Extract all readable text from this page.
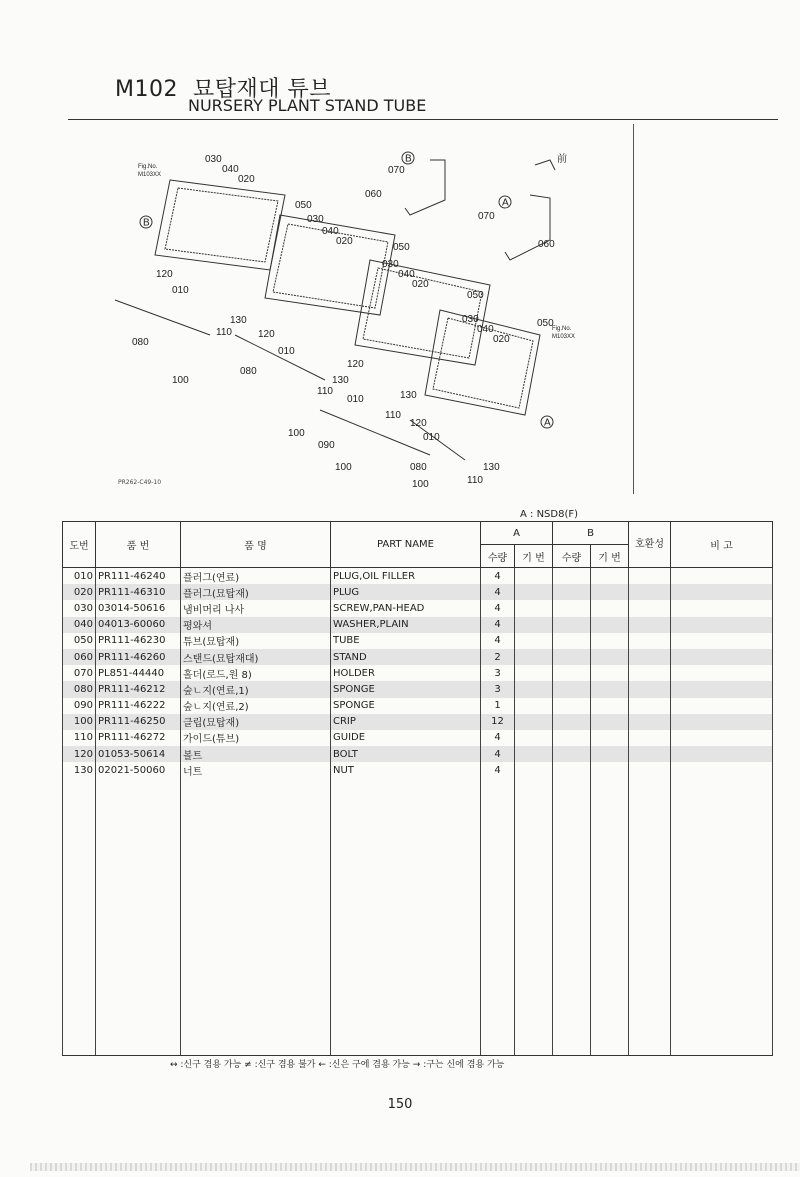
M102 묘탑재대 튜브
NURSERY PLANT STAND TUBE
030
040
020
050
030
040
020
050
030
040
020
050
030
040
020
050
120
010
130
110	120
010
080
100
080
120
130
110
010	130
110
120
010
100
090
100	080
100
130
110
070
060
070
060
B
B
A
A
Fig.No.
M103XX
Fig.No.
M103XX
前
PR262-C49-10
A : NSD8(F)
도번	품 번	품 명	PART NAME	A		B		호환성	비 고
				수량	기 번	수량	기 번		
010	PR111-46240	플러그(연료)	PLUG,OIL FILLER	4					
020	PR111-46310	플러그(묘탑재)	PLUG	4					
030	03014-50616	냄비머리 나사	SCREW,PAN-HEAD	4					
040	04013-60060	평와셔	WASHER,PLAIN	4					
050	PR111-46230	튜브(묘탑재)	TUBE	4					
060	PR111-46260	스탠드(묘탑재대)	STAND	2					
070	PL851-44440	홀더(로드,원 8)	HOLDER	3					
080	PR111-46212	숲ㄴ지(연료,1)	SPONGE	3					
090	PR111-46222	숲ㄴ지(연료,2)	SPONGE	1					
100	PR111-46250	클립(묘탑재)	CRIP	12					
110	PR111-46272	가이드(튜브)	GUIDE	4					
120	01053-50614	볼트	BOLT	4					
130	02021-50060	너트	NUT	4					

↔ :신구 겸용 가능 ≠ :신구 겸용 불가 ← :신은 구에 겸용 가능 → :구는 신에 겸용 가능
150
